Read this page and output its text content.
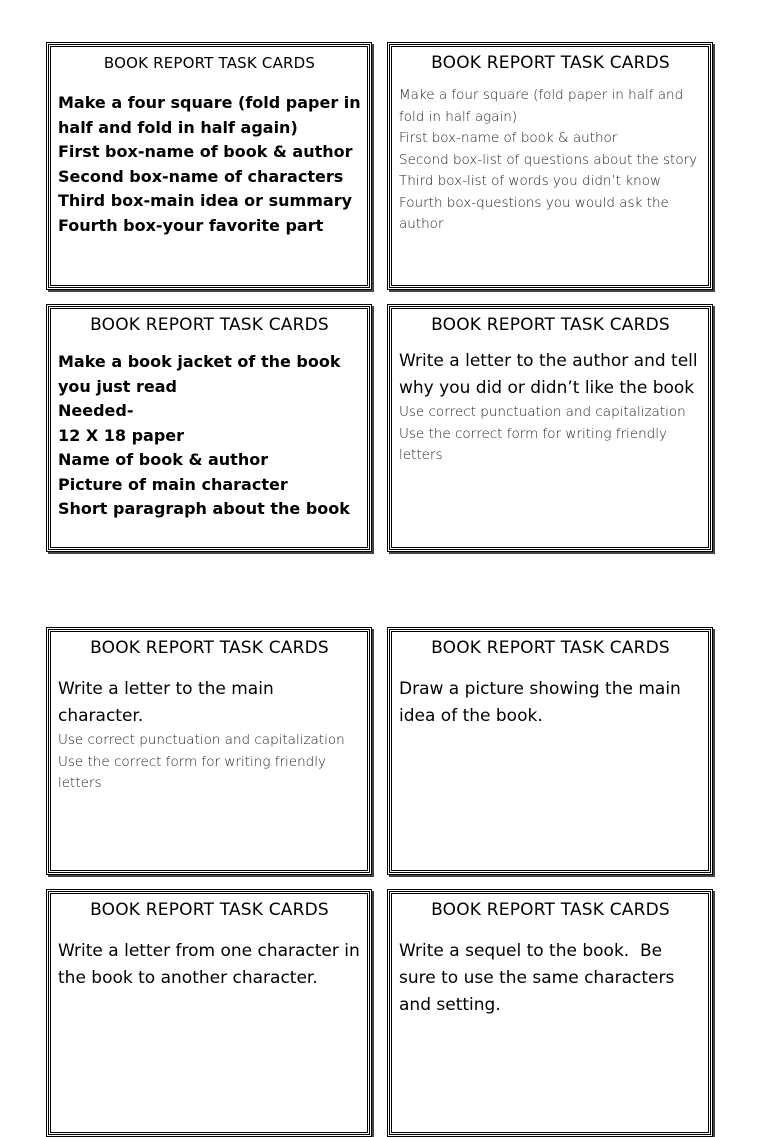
BOOK REPORT TASK CARDS
Make a four square (fold paper in half and fold in half again)
First box-name of book & author
Second box-name of characters
Third box-main idea or summary
Fourth box-your favorite part
BOOK REPORT TASK CARDS
Make a four square (fold paper in half and fold in half again)
First box-name of book & author
Second box-list of questions about the story
Third box-list of words you didn’t know
Fourth box-questions you would ask the author
BOOK REPORT TASK CARDS
Make a book jacket of the book you just read
Needed-
12 X 18 paper
Name of book & author
Picture of main character
Short paragraph about the book
BOOK REPORT TASK CARDS
Write a letter to the author and tell why you did or didn’t like the book
Use correct punctuation and capitalization
Use the correct form for writing friendly letters
BOOK REPORT TASK CARDS
Write a letter to the main character.
Use correct punctuation and capitalization
Use the correct form for writing friendly letters
BOOK REPORT TASK CARDS
Draw a picture showing the main idea of the book.
BOOK REPORT TASK CARDS
Write a letter from one character in the book to another character.
BOOK REPORT TASK CARDS
Write a sequel to the book.  Be sure to use the same characters and setting.
